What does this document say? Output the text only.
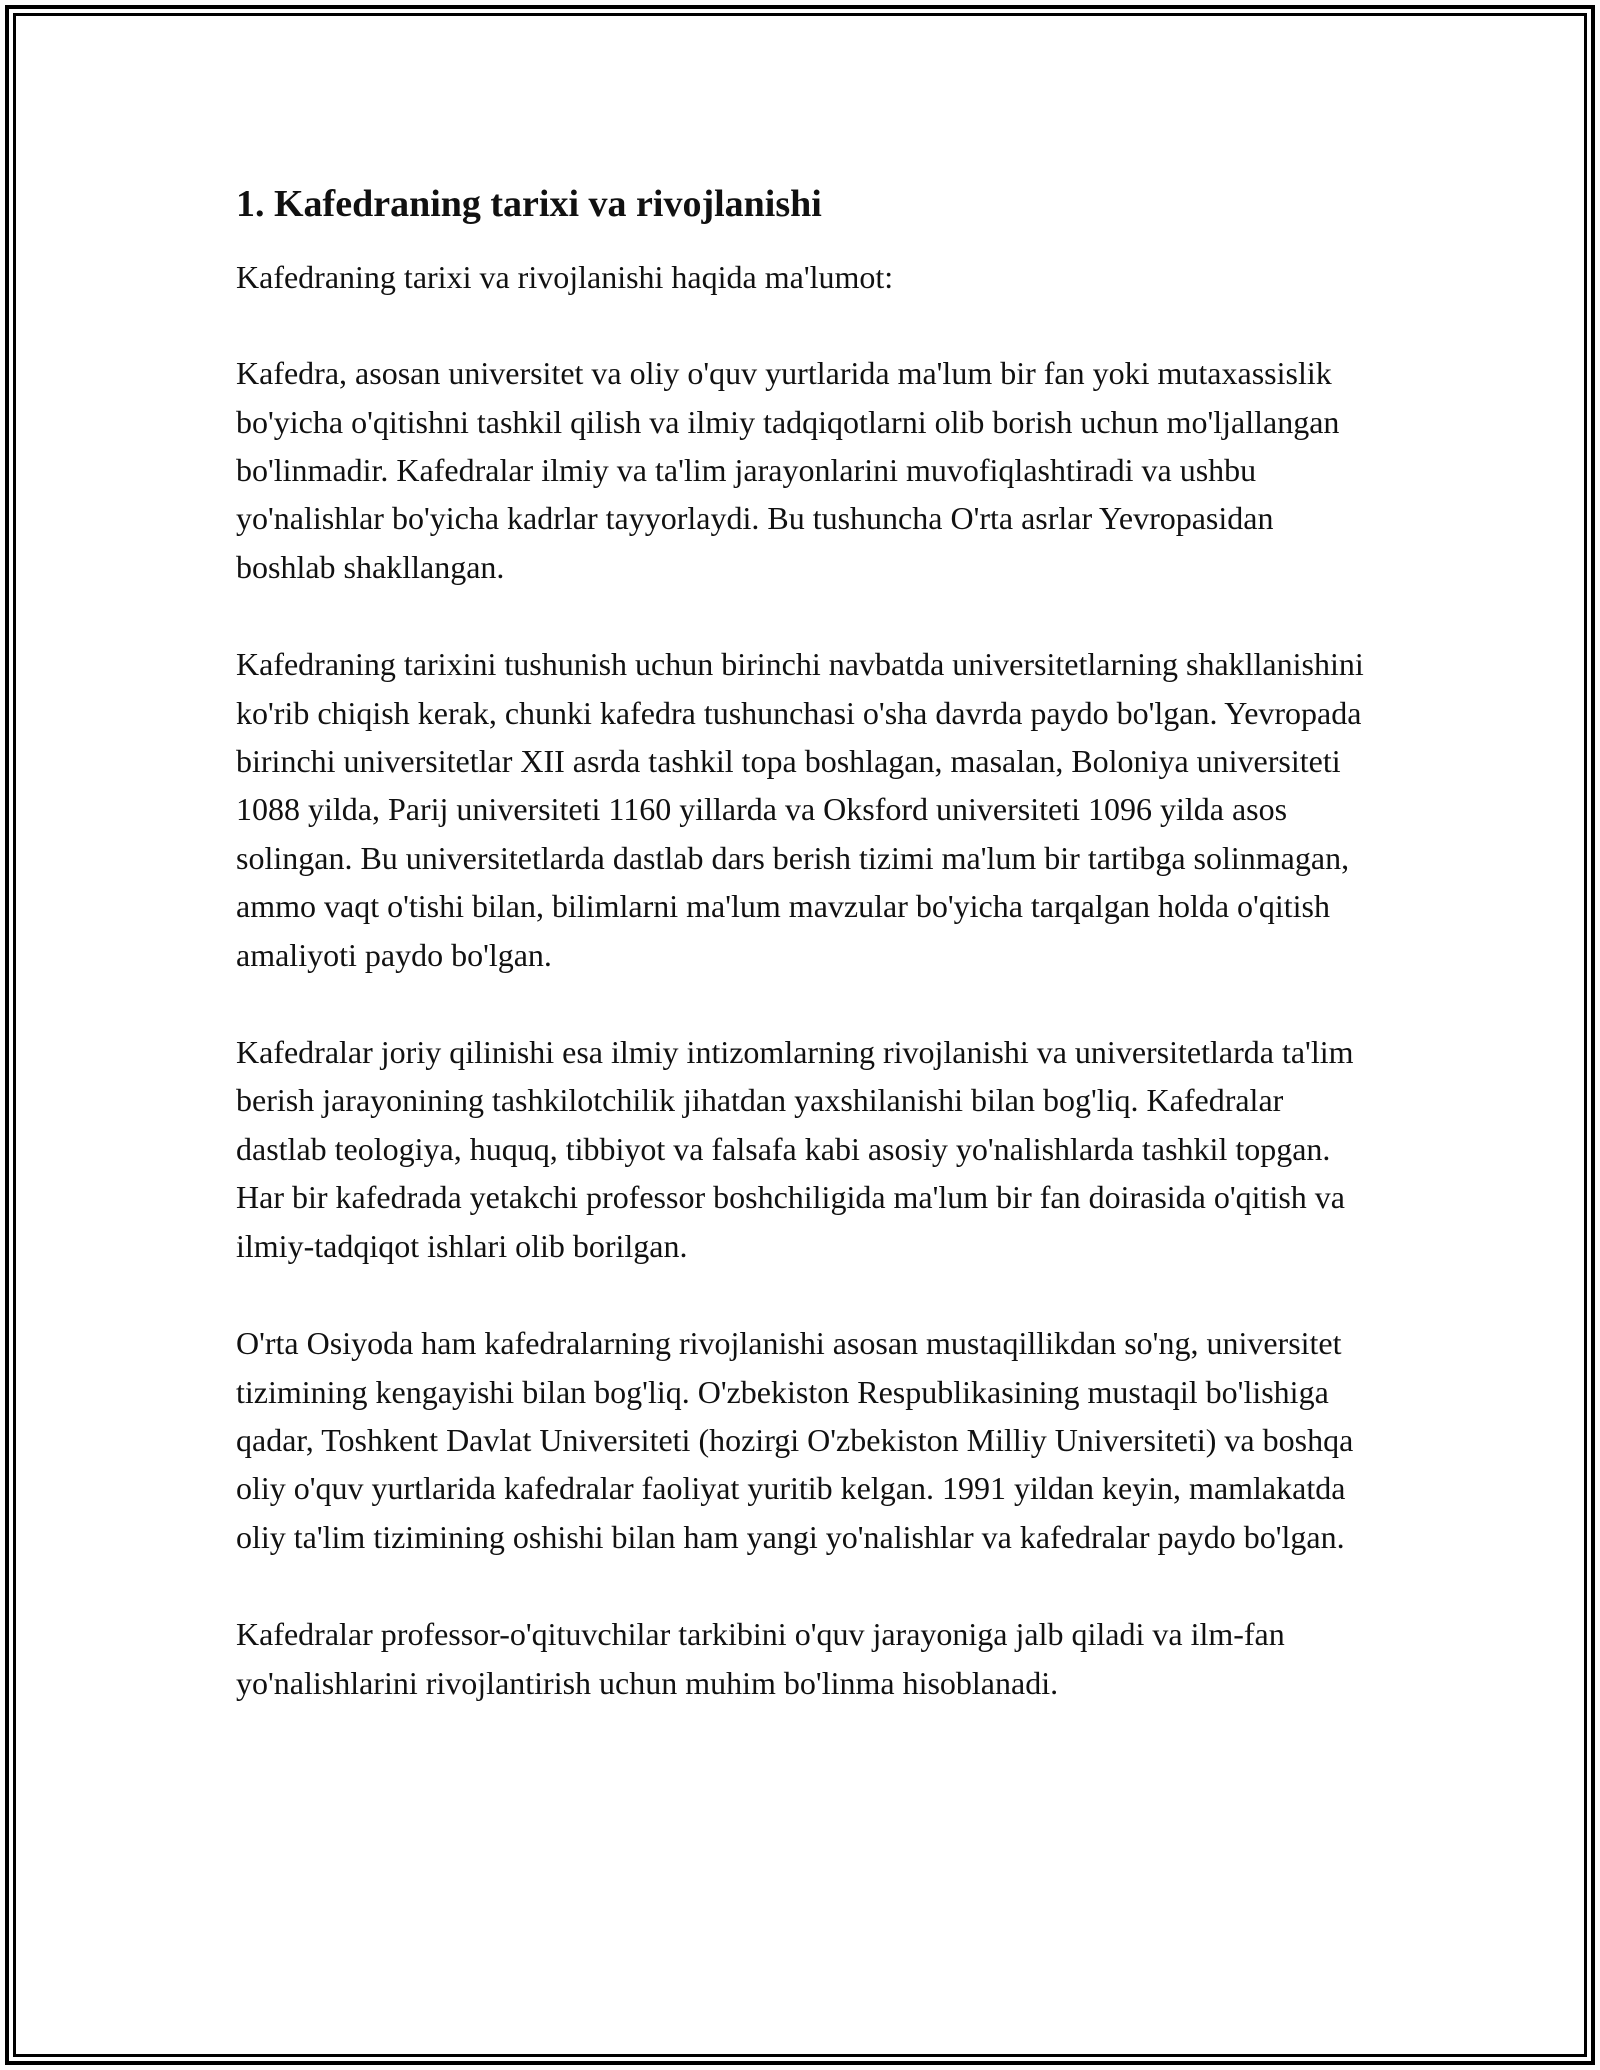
1. Kafedraning tarixi va rivojlanishi

Kafedraning tarixi va rivojlanishi haqida ma'lumot:

Kafedra, asosan universitet va oliy o'quv yurtlarida ma'lum bir fan yoki mutaxassislik bo'yicha o'qitishni tashkil qilish va ilmiy tadqiqotlarni olib borish uchun mo'ljallangan bo'linmadir. Kafedralar ilmiy va ta'lim jarayonlarini muvofiqlashtiradi va ushbu yo'nalishlar bo'yicha kadrlar tayyorlaydi. Bu tushuncha O'rta asrlar Yevropasidan boshlab shakllangan.

Kafedraning tarixini tushunish uchun birinchi navbatda universitetlarning shakllanishini ko'rib chiqish kerak, chunki kafedra tushunchasi o'sha davrda paydo bo'lgan. Yevropada birinchi universitetlar XII asrda tashkil topa boshlagan, masalan, Boloniya universiteti 1088 yilda, Parij universiteti 1160 yillarda va Oksford universiteti 1096 yilda asos solingan. Bu universitetlarda dastlab dars berish tizimi ma'lum bir tartibga solinmagan, ammo vaqt o'tishi bilan, bilimlarni ma'lum mavzular bo'yicha tarqalgan holda o'qitish amaliyoti paydo bo'lgan.

Kafedralar joriy qilinishi esa ilmiy intizomlarning rivojlanishi va universitetlarda ta'lim berish jarayonining tashkilotchilik jihatdan yaxshilanishi bilan bog'liq. Kafedralar dastlab teologiya, huquq, tibbiyot va falsafa kabi asosiy yo'nalishlarda tashkil topgan. Har bir kafedrada yetakchi professor boshchiligida ma'lum bir fan doirasida o'qitish va ilmiy-tadqiqot ishlari olib borilgan.

O'rta Osiyoda ham kafedralarning rivojlanishi asosan mustaqillikdan so'ng, universitet tizimining kengayishi bilan bog'liq. O'zbekiston Respublikasining mustaqil bo'lishiga qadar, Toshkent Davlat Universiteti (hozirgi O'zbekiston Milliy Universiteti) va boshqa oliy o'quv yurtlarida kafedralar faoliyat yuritib kelgan. 1991 yildan keyin, mamlakatda oliy ta'lim tizimining oshishi bilan ham yangi yo'nalishlar va kafedralar paydo bo'lgan.

Kafedralar professor-o'qituvchilar tarkibini o'quv jarayoniga jalb qiladi va ilm-fan yo'nalishlarini rivojlantirish uchun muhim bo'linma hisoblanadi.
